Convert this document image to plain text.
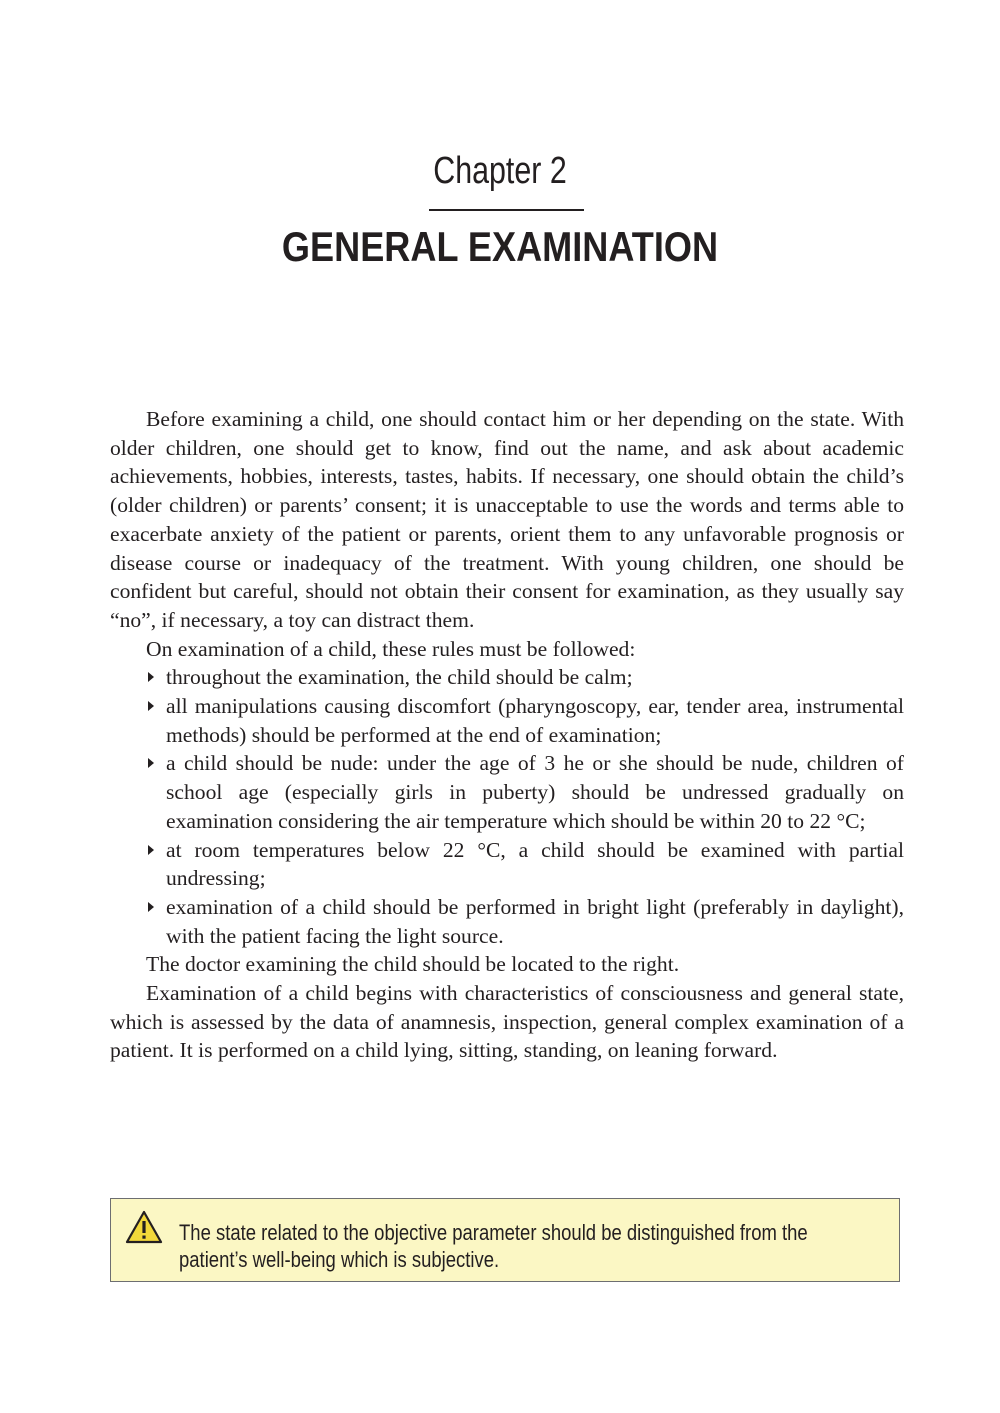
Chapter 2
GENERAL EXAMINATION

Before examining a child, one should contact him or her depending on the state. With older children, one should get to know, find out the name, and ask about academic achievements, hobbies, interests, tastes, habits. If necessary, one should obtain the child’s (older children) or parents’ consent; it is unacceptable to use the words and terms able to exacerbate anxiety of the patient or parents, orient them to any unfavorable prognosis or disease course or inadequacy of the treatment. With young children, one should be confident but careful, should not obtain their consent for examination, as they usually say “no”, if necessary, a toy can distract them.

On examination of a child, these rules must be followed:

throughout the examination, the child should be calm;
all manipulations causing discomfort (pharyngoscopy, ear, tender area, instrumental methods) should be performed at the end of examination;
a child should be nude: under the age of 3 he or she should be nude, children of school age (especially girls in puberty) should be undressed gradually on examination considering the air temperature which should be within 20 to 22 °C;
at room temperatures below 22 °C, a child should be examined with partial undressing;
examination of a child should be performed in bright light (preferably in daylight), with the patient facing the light source.

The doctor examining the child should be located to the right.

Examination of a child begins with characteristics of consciousness and general state, which is assessed by the data of anamnesis, inspection, general complex examination of a patient. It is performed on a child lying, sitting, standing, on leaning forward.

The state related to the objective parameter should be distinguished from the
patient’s well-being which is subjective.
